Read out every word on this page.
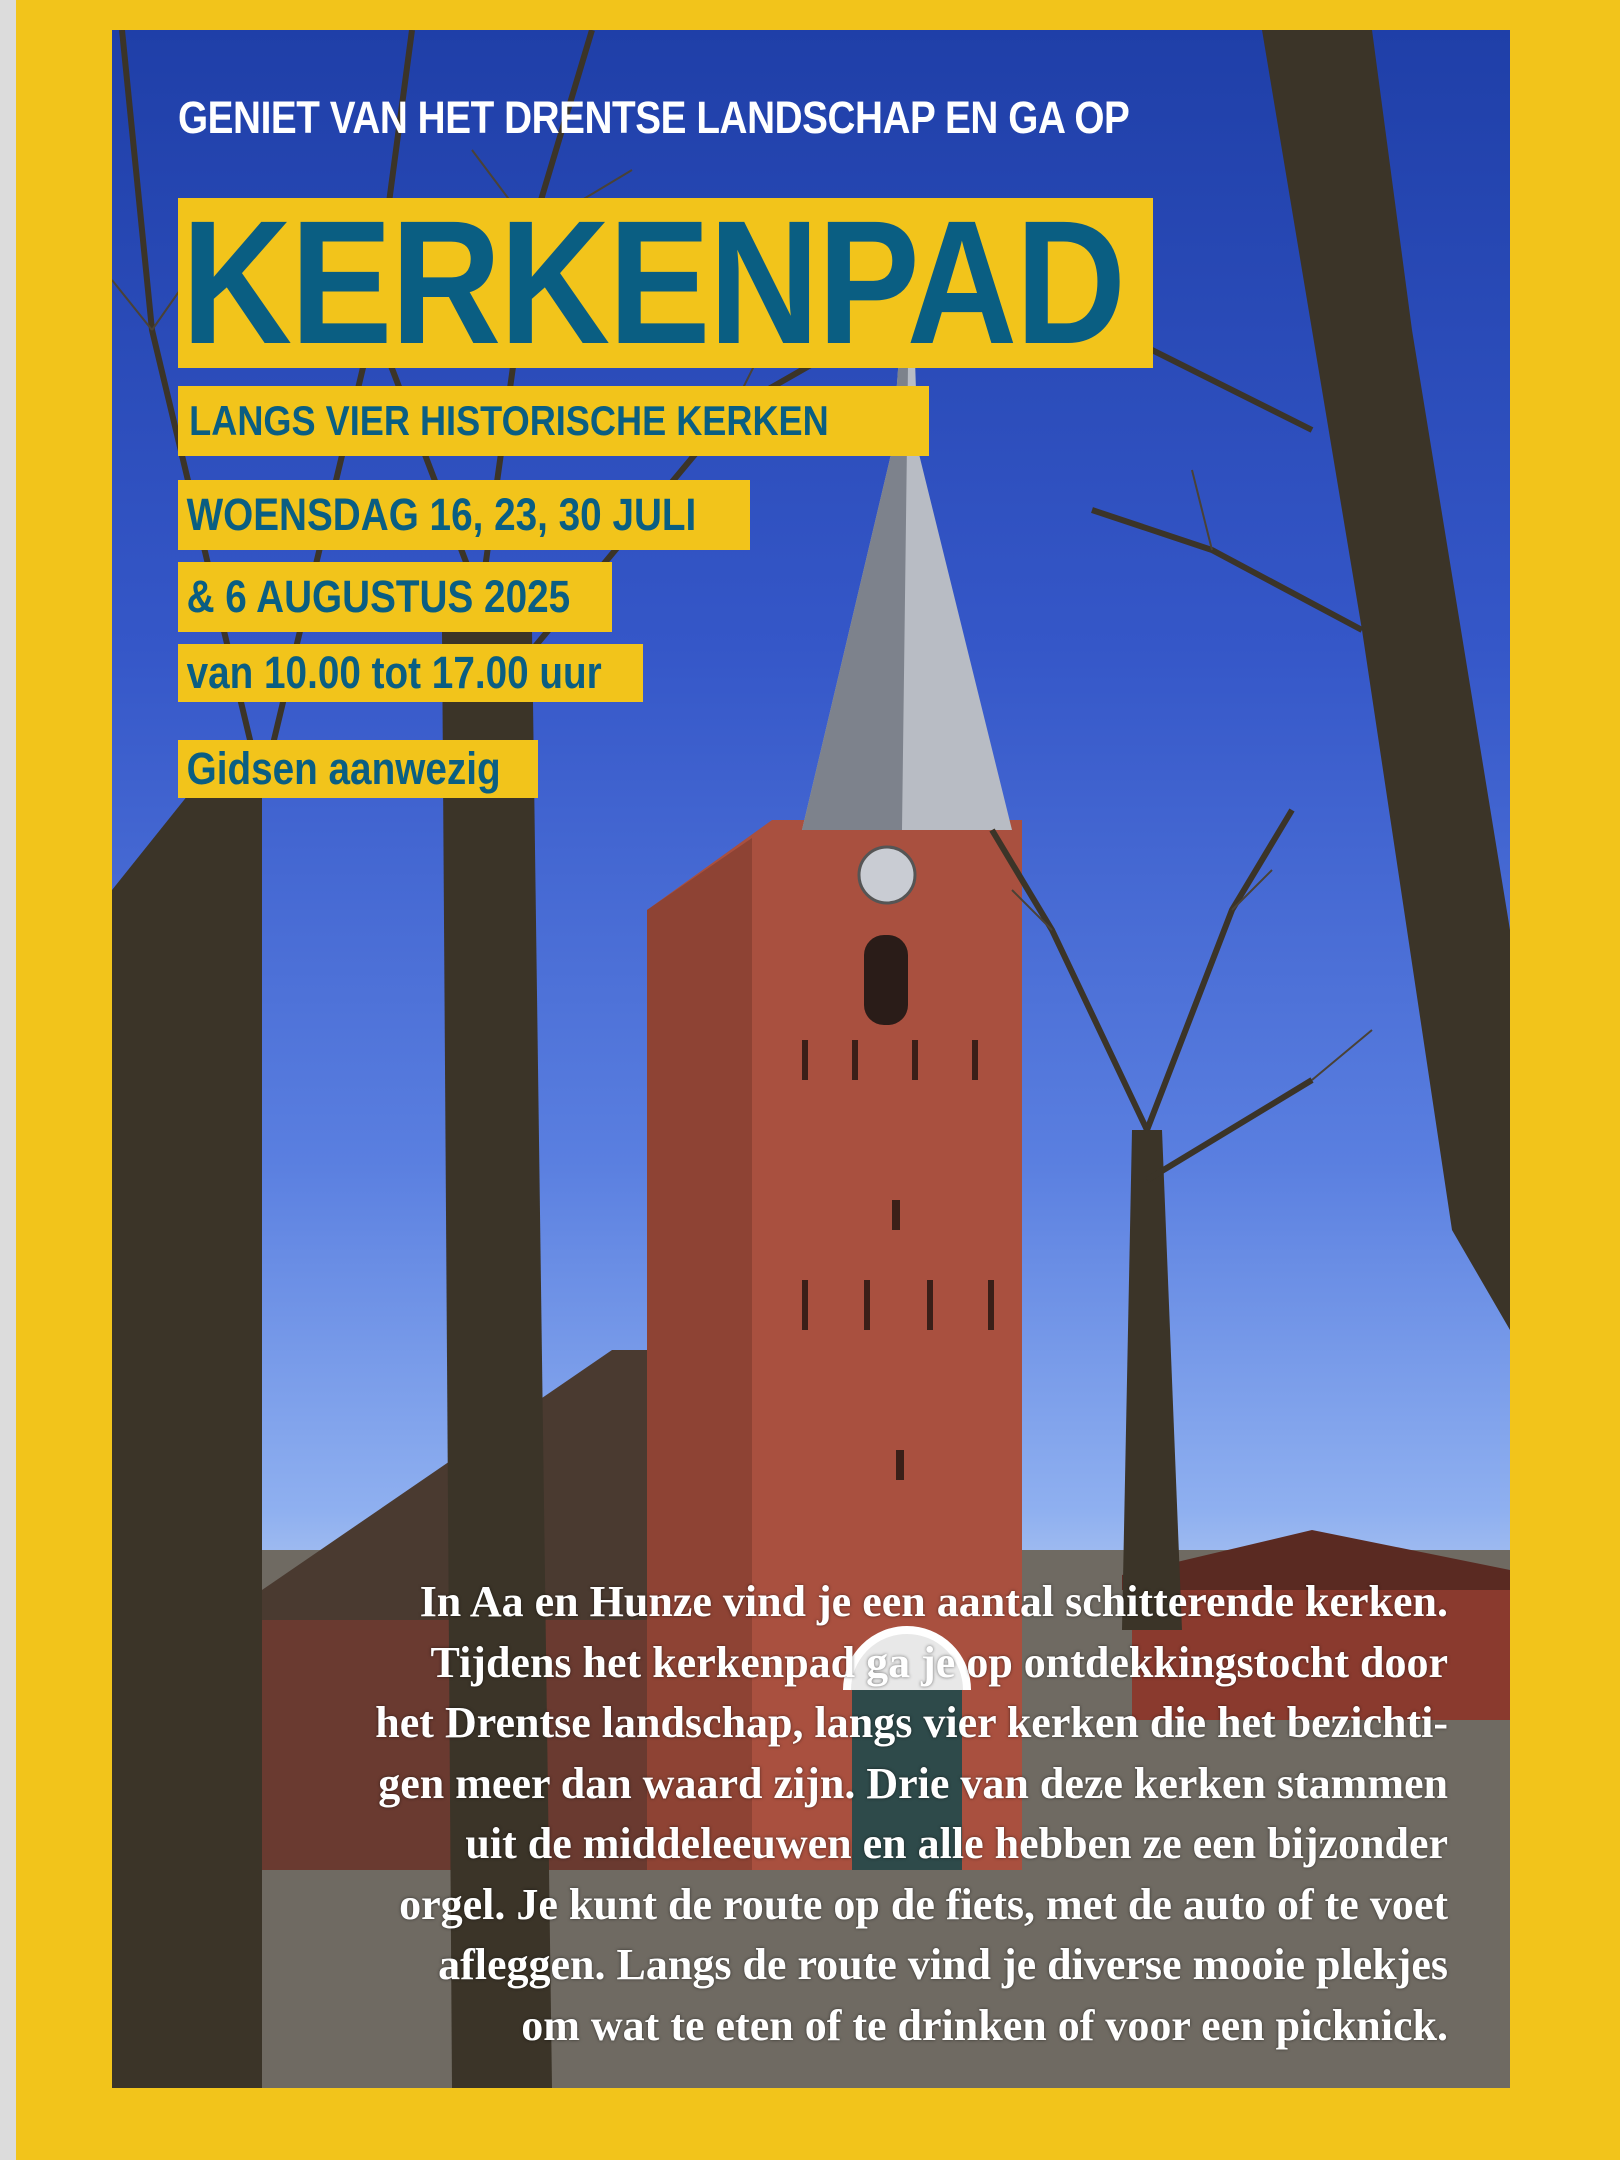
GENIET VAN HET DRENTSE LANDSCHAP EN GA OP
KERKENPAD
LANGS VIER HISTORISCHE KERKEN
WOENSDAG 16, 23, 30 JULI
& 6 AUGUSTUS 2025
van 10.00 tot 17.00 uur
Gidsen aanwezig
In Aa en Hunze vind je een aantal schitterende kerken.
Tijdens het kerkenpad ga je op ontdekkingstocht door
het Drentse landschap, langs vier kerken die het bezichti-
gen meer dan waard zijn. Drie van deze kerken stammen
uit de middeleeuwen en alle hebben ze een bijzonder
orgel. Je kunt de route op de fiets, met de auto of te voet
afleggen. Langs de route vind je diverse mooie plekjes
om wat te eten of te drinken of voor een picknick.
